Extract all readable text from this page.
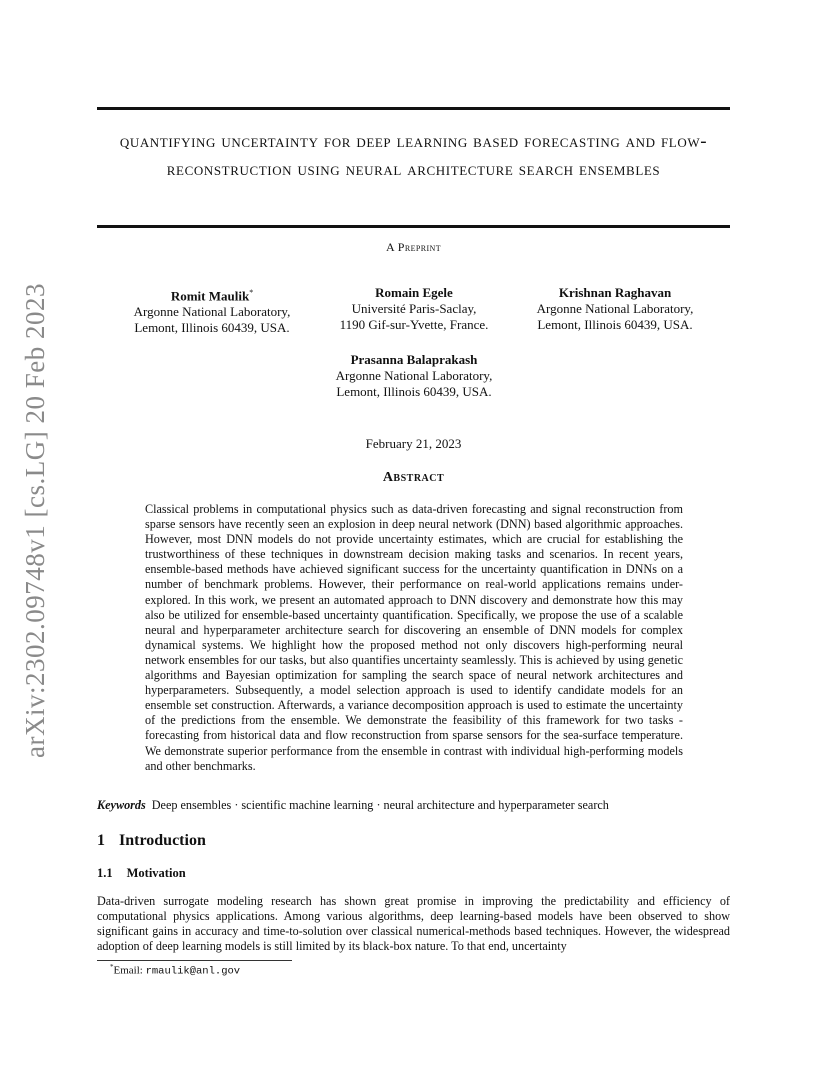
arXiv:2302.09748v1 [cs.LG] 20 Feb 2023
quantifying uncertainty for deep learning based forecasting and flow-reconstruction using neural architecture search ensembles
A Preprint
Romit Maulik*
Argonne National Laboratory,
Lemont, Illinois 60439, USA.
Romain Egele
Université Paris-Saclay,
1190 Gif-sur-Yvette, France.
Krishnan Raghavan
Argonne National Laboratory,
Lemont, Illinois 60439, USA.
Prasanna Balaprakash
Argonne National Laboratory,
Lemont, Illinois 60439, USA.
February 21, 2023
Abstract
Classical problems in computational physics such as data-driven forecasting and signal reconstruction from sparse sensors have recently seen an explosion in deep neural network (DNN) based algorithmic approaches. However, most DNN models do not provide uncertainty estimates, which are crucial for establishing the trustworthiness of these techniques in downstream decision making tasks and scenarios. In recent years, ensemble-based methods have achieved significant success for the uncertainty quantification in DNNs on a number of benchmark problems. However, their performance on real-world applications remains under-explored. In this work, we present an automated approach to DNN discovery and demonstrate how this may also be utilized for ensemble-based uncertainty quantification. Specifically, we propose the use of a scalable neural and hyperparameter architecture search for discovering an ensemble of DNN models for complex dynamical systems. We highlight how the proposed method not only discovers high-performing neural network ensembles for our tasks, but also quantifies uncertainty seamlessly. This is achieved by using genetic algorithms and Bayesian optimization for sampling the search space of neural network architectures and hyperparameters. Subsequently, a model selection approach is used to identify candidate models for an ensemble set construction. Afterwards, a variance decomposition approach is used to estimate the uncertainty of the predictions from the ensemble. We demonstrate the feasibility of this framework for two tasks - forecasting from historical data and flow reconstruction from sparse sensors for the sea-surface temperature. We demonstrate superior performance from the ensemble in contrast with individual high-performing models and other benchmarks.
Keywords Deep ensembles · scientific machine learning · neural architecture and hyperparameter search
1 Introduction
1.1 Motivation
Data-driven surrogate modeling research has shown great promise in improving the predictability and efficiency of computational physics applications. Among various algorithms, deep learning-based models have been observed to show significant gains in accuracy and time-to-solution over classical numerical-methods based techniques. However, the widespread adoption of deep learning models is still limited by its black-box nature. To that end, uncertainty
*Email: rmaulik@anl.gov
